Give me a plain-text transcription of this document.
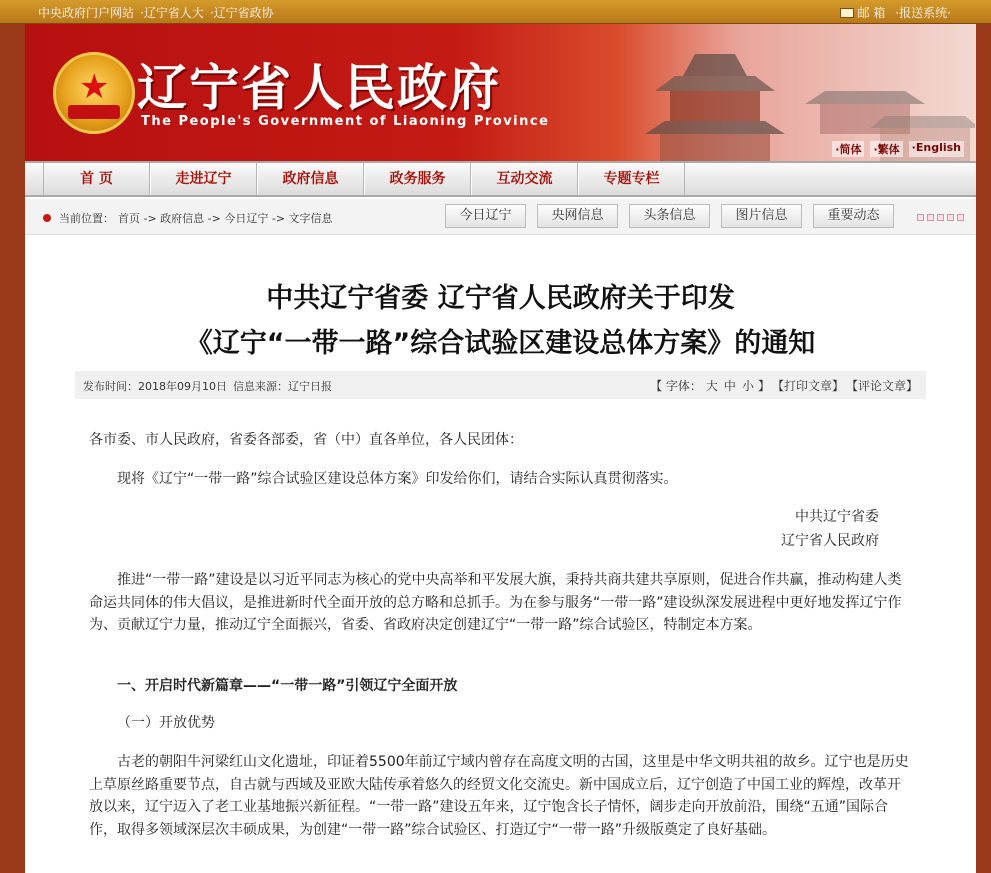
中央政府门户网站 ·辽宁省人大 ·辽宁省政协	邮 箱 ·报送系统·
★
辽宁省人民政府
The People's Government of Liaoning Province
·简体 ·繁体 ·English
首 页	走进辽宁	政府信息	政务服务	互动交流	专题专栏
当前位置： 首页 -> 政府信息 -> 今日辽宁 -> 文字信息	今日辽宁	央网信息	头条信息	图片信息	重要动态
中共辽宁省委 辽宁省人民政府关于印发
《辽宁“一带一路”综合试验区建设总体方案》的通知
发布时间：2018年09月10日 信息来源：辽宁日报	【 字体： 大 中 小 】 【打印文章】 【评论文章】
各市委、市人民政府，省委各部委，省（中）直各单位，各人民团体：
现将《辽宁“一带一路”综合试验区建设总体方案》印发给你们，请结合实际认真贯彻落实。
中共辽宁省委
辽宁省人民政府
推进“一带一路”建设是以习近平同志为核心的党中央高举和平发展大旗，秉持共商共建共享原则，促进合作共赢，推动构建人类命运共同体的伟大倡议，是推进新时代全面开放的总方略和总抓手。为在参与服务“一带一路”建设纵深发展进程中更好地发挥辽宁作为、贡献辽宁力量，推动辽宁全面振兴，省委、省政府决定创建辽宁“一带一路”综合试验区，特制定本方案。
一、开启时代新篇章——“一带一路”引领辽宁全面开放
（一）开放优势
古老的朝阳牛河梁红山文化遗址，印证着5500年前辽宁域内曾存在高度文明的古国，这里是中华文明共祖的故乡。辽宁也是历史上草原丝路重要节点，自古就与西域及亚欧大陆传承着悠久的经贸文化交流史。新中国成立后，辽宁创造了中国工业的辉煌，改革开放以来，辽宁迈入了老工业基地振兴新征程。“一带一路”建设五年来，辽宁饱含长子情怀，阔步走向开放前沿，围绕“五通”国际合作，取得多领域深层次丰硕成果，为创建“一带一路”综合试验区、打造辽宁“一带一路”升级版奠定了良好基础。
